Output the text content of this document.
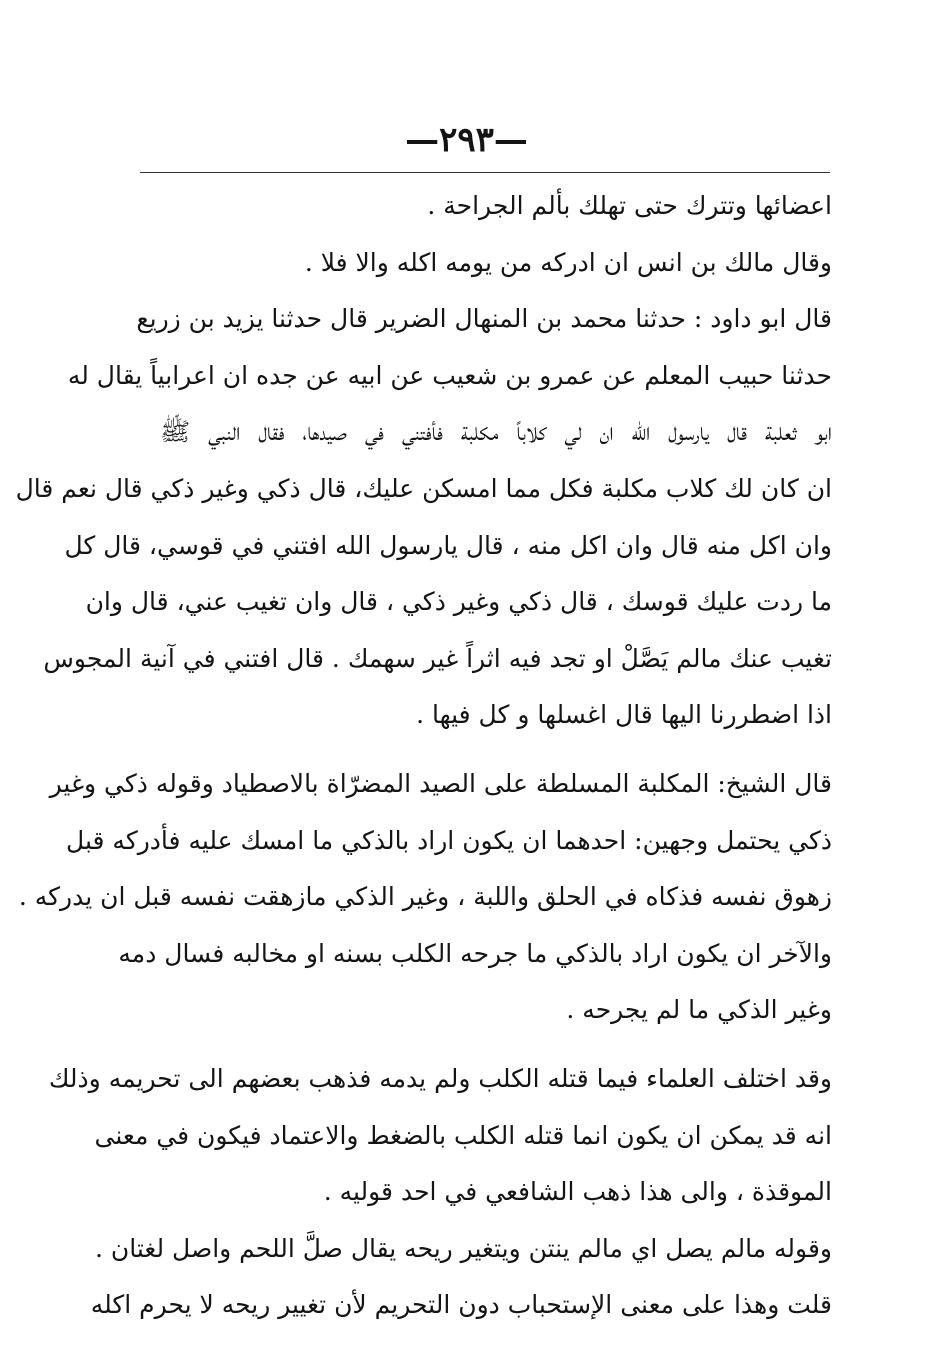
—٢٩٣—
اعضائها وتترك حتى تهلك بألم الجراحة .
وقال مالك بن انس ان ادركه من يومه اكله والا فلا .
قال ابو داود : حدثنا محمد بن المنهال الضرير قال حدثنا يزيد بن زريع
حدثنا حبيب المعلم عن عمرو بن شعيب عن ابيه عن جده ان اعرابياً يقال له
ابو ثعلبة قال يارسول الله ان لي كلاباً مكلبة فأفتني في صيدها، فقال النبي ﷺ
ان كان لك كلاب مكلبة فكل مما امسكن عليك، قال ذكي وغير ذكي قال نعم قال
وان اكل منه قال وان اكل منه ، قال يارسول الله افتني في قوسي، قال كل
ما ردت عليك قوسك ، قال ذكي وغير ذكي ، قال وان تغيب عني، قال وان
تغيب عنك مالم يَصَّلْ او تجد فيه اثراً غير سهمك . قال افتني في آنية المجوس
اذا اضطررنا اليها قال اغسلها و كل فيها .
قال الشيخ: المكلبة المسلطة على الصيد المضرّاة بالاصطياد وقوله ذكي وغير
ذكي يحتمل وجهين: احدهما ان يكون اراد بالذكي ما امسك عليه فأدركه قبل
زهوق نفسه فذكاه في الحلق واللبة ، وغير الذكي مازهقت نفسه قبل ان يدركه .
والآخر ان يكون اراد بالذكي ما جرحه الكلب بسنه او مخالبه فسال دمه
وغير الذكي ما لم يجرحه .
وقد اختلف العلماء فيما قتله الكلب ولم يدمه فذهب بعضهم الى تحريمه وذلك
انه قد يمكن ان يكون انما قتله الكلب بالضغط والاعتماد فيكون في معنى
الموقذة ، والى هذا ذهب الشافعي في احد قوليه .
وقوله مالم يصل اي مالم ينتن ويتغير ريحه يقال صلَّ اللحم واصل لغتان .
قلت وهذا على معنى الإستحباب دون التحريم لأن تغيير ريحه لا يحرم اكله
